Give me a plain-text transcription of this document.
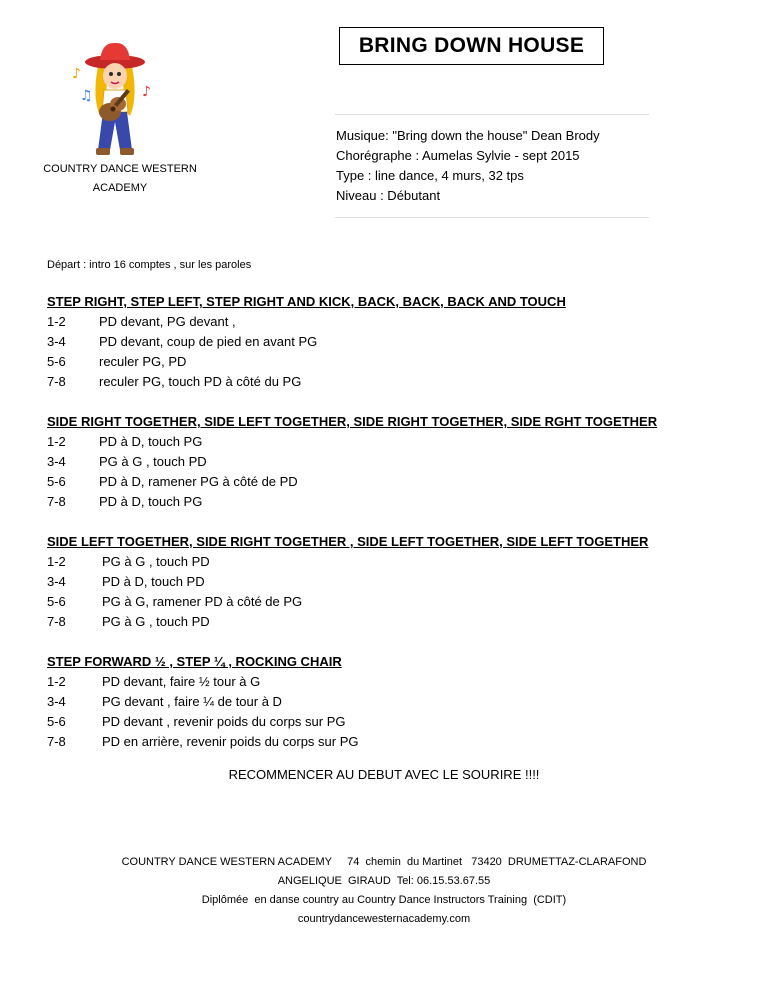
BRING DOWN HOUSE
♪
♫	♪
COUNTRY DANCE WESTERN
ACADEMY
Musique: "Bring down the house" Dean Brody
Chorégraphe : Aumelas Sylvie - sept 2015
Type : line dance, 4 murs, 32 tps
Niveau : Débutant
Départ : intro 16 comptes , sur les paroles
STEP RIGHT, STEP LEFT, STEP RIGHT AND KICK, BACK, BACK, BACK AND TOUCH
1-2	PD devant, PG devant ,
3-4	PD devant, coup de pied en avant PG
5-6	reculer PG, PD
7-8	reculer PG, touch PD à côté du PG
SIDE RIGHT TOGETHER, SIDE LEFT TOGETHER, SIDE RIGHT TOGETHER, SIDE RGHT TOGETHER
1-2	PD à D, touch PG
3-4	PG à G , touch PD
5-6	PD à D, ramener PG à côté de PD
7-8	PD à D, touch PG
SIDE LEFT TOGETHER, SIDE RIGHT TOGETHER , SIDE LEFT TOGETHER, SIDE LEFT TOGETHER
1-2	PG à G , touch PD
3-4	PD à D, touch PD
5-6	PG à G, ramener PD à côté de PG
7-8	PG à G , touch PD
STEP FORWARD ½ , STEP ¼ , ROCKING CHAIR
1-2	PD devant, faire ½ tour à G
3-4	PG devant , faire ¼ de tour à D
5-6	PD devant , revenir poids du corps sur PG
7-8	PD en arrière, revenir poids du corps sur PG
RECOMMENCER AU DEBUT AVEC LE SOURIRE !!!!
COUNTRY DANCE WESTERN ACADEMY     74  chemin  du Martinet   73420  DRUMETTAZ-CLARAFOND
ANGELIQUE  GIRAUD  Tel: 06.15.53.67.55
Diplômée  en danse country au Country Dance Instructors Training  (CDIT)
countrydancewesternacademy.com
